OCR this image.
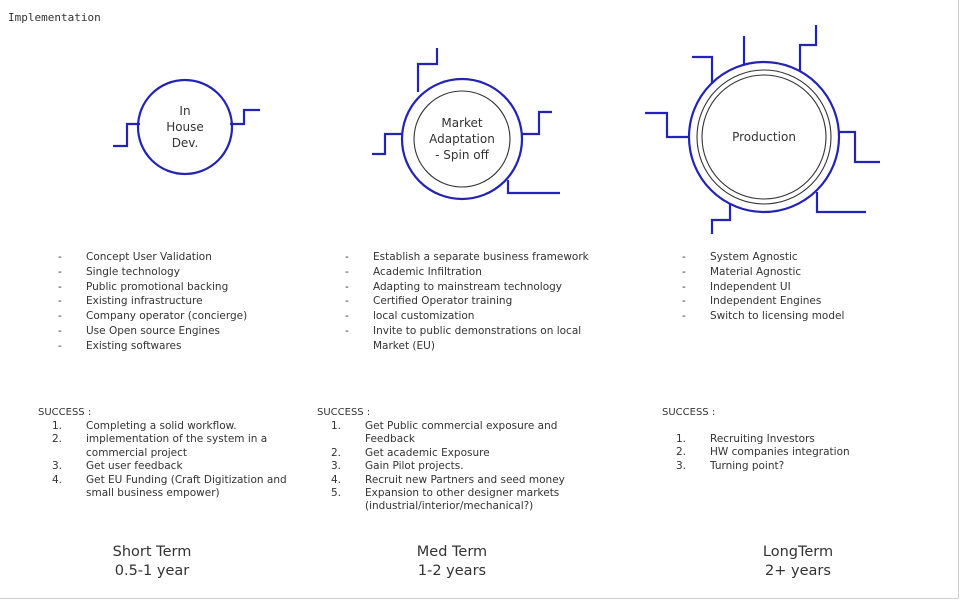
Implementation
In
House
Dev.
Market
Adaptation
- Spin off
Production
- Concept User Validation
- Single technology
- Public promotional backing
- Existing infrastructure
- Company operator (concierge)
- Use Open source Engines
- Existing softwares
- Establish a separate business framework
- Academic Infiltration
- Adapting to mainstream technology
- Certified Operator training
- local customization
- Invite to public demonstrations on local Market (EU)
- System Agnostic
- Material Agnostic
- Independent UI
- Independent Engines
- Switch to licensing model
SUCCESS :
1. Completing a solid workflow.
2. implementation of the system in a commercial project
3. Get user feedback
4. Get EU Funding (Craft Digitization and small business empower)
SUCCESS :
1. Get Public commercial exposure and Feedback
2. Get academic Exposure
3. Gain Pilot projects.
4. Recruit new Partners and seed money
5. Expansion to other designer markets (industrial/interior/mechanical?)
SUCCESS :
1. Recruiting Investors
2. HW companies integration
3. Turning point?
Short Term
0.5-1 year
Med Term
1-2 years
LongTerm
2+ years
